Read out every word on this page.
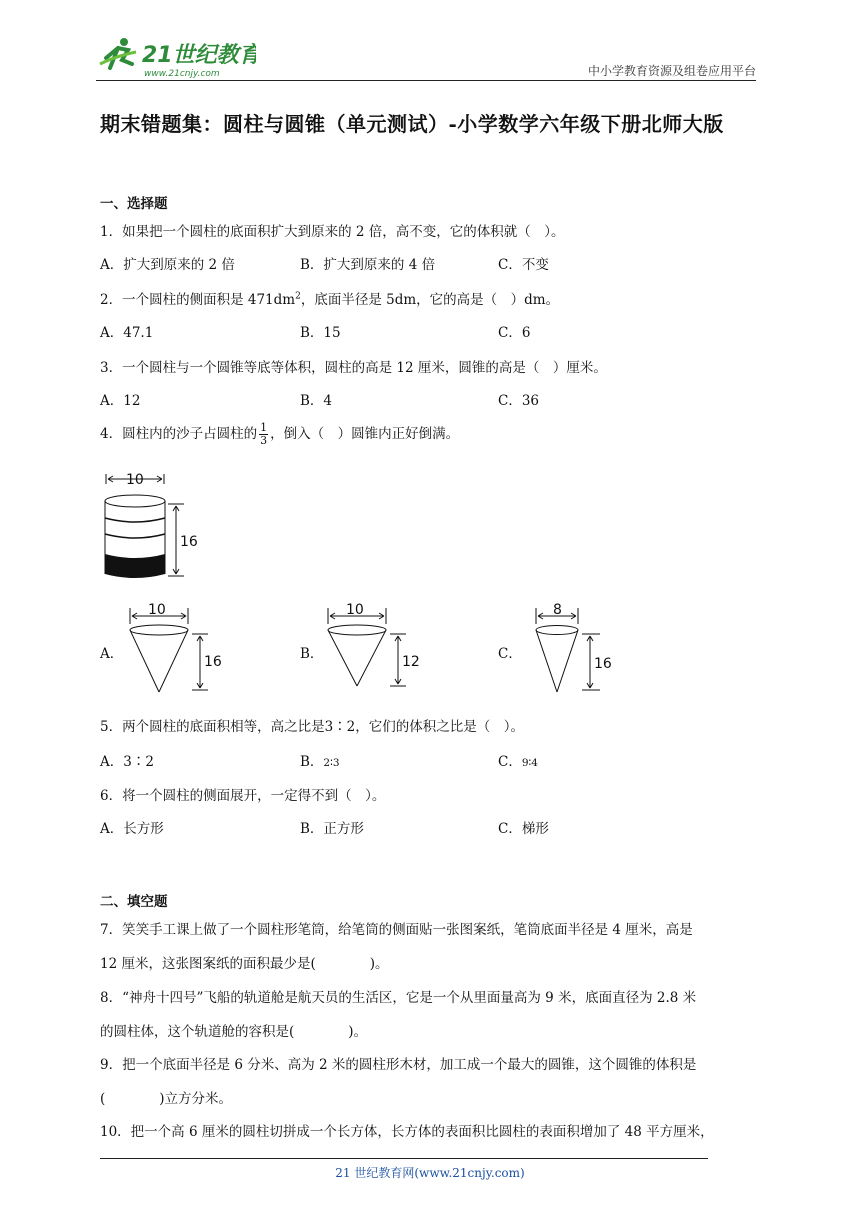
21世纪教育
www.21cnjy.com	中小学教育资源及组卷应用平台
期末错题集：圆柱与圆锥（单元测试）-小学数学六年级下册北师大版
一、选择题
1．如果把一个圆柱的底面积扩大到原来的 2 倍，高不变，它的体积就（　）。
A．扩大到原来的 2 倍	B．扩大到原来的 4 倍	C．不变
2．一个圆柱的侧面积是 $471dm^2$，底面半径是 5dm，它的高是（　）dm。
A．47.1	B．15	C．6
3．一个圆柱与一个圆锥等底等体积，圆柱的高是 12 厘米，圆锥的高是（　）厘米。
A．12	B．4	C．36
4．圆柱内的沙子占圆柱的 $\frac{1}{3}$ ，倒入（　）圆锥内正好倒满。
10
16
A．
10
16	B．
10
12	C．
8
16
5．两个圆柱的底面积相等，高之比是3∶2，它们的体积之比是（　）。
A．3∶2	B．2∶3	C．9∶4
6．将一个圆柱的侧面展开，一定得不到（　）。
A．长方形	B．正方形	C．梯形
二、填空题
7．笑笑手工课上做了一个圆柱形笔筒，给笔筒的侧面贴一张图案纸，笔筒底面半径是 4 厘米，高是
12 厘米，这张图案纸的面积最少是(　　　　)。
8．“神舟十四号”飞船的轨道舱是航天员的生活区，它是一个从里面量高为 9 米，底面直径为 2.8 米
的圆柱体，这个轨道舱的容积是(　　　　)。
9．把一个底面半径是 6 分米、高为 2 米的圆柱形木材，加工成一个最大的圆锥，这个圆锥的体积是
(　　　　)立方分米。
10．把一个高 6 厘米的圆柱切拼成一个长方体，长方体的表面积比圆柱的表面积增加了 48 平方厘米，
21 世纪教育网(www.21cnjy.com)
